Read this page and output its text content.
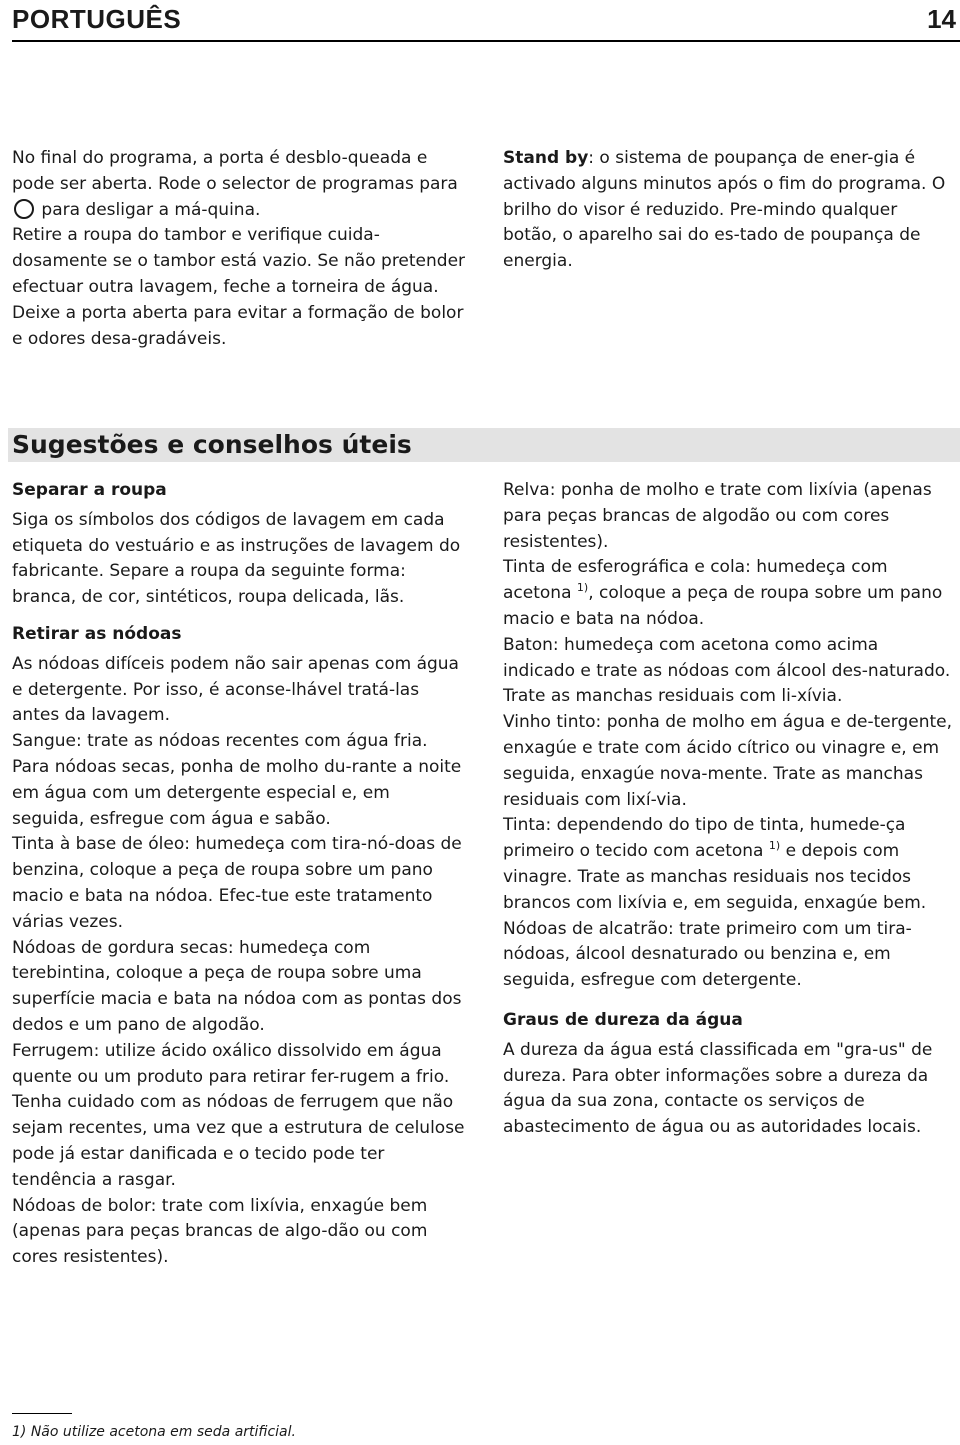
PORTUGUÊS	14

No final do programa, a porta é desblo-queada e pode ser aberta. Rode o selector de programas para  para desligar a má-quina.

Retire a roupa do tambor e verifique cuida-dosamente se o tambor está vazio. Se não pretender efectuar outra lavagem, feche a torneira de água. Deixe a porta aberta para evitar a formação de bolor e odores desa-gradáveis.

Stand by: o sistema de poupança de ener-gia é activado alguns minutos após o fim do programa. O brilho do visor é reduzido. Pre-mindo qualquer botão, o aparelho sai do es-tado de poupança de energia.

Sugestões e conselhos úteis

Separar a roupa

Siga os símbolos dos códigos de lavagem em cada etiqueta do vestuário e as instruções de lavagem do fabricante. Separe a roupa da seguinte forma: branca, de cor, sintéticos, roupa delicada, lãs.

Retirar as nódoas

As nódoas difíceis podem não sair apenas com água e detergente. Por isso, é aconse-lhável tratá-las antes da lavagem.

Sangue: trate as nódoas recentes com água fria. Para nódoas secas, ponha de molho du-rante a noite em água com um detergente especial e, em seguida, esfregue com água e sabão.

Tinta à base de óleo: humedeça com tira-nó-doas de benzina, coloque a peça de roupa sobre um pano macio e bata na nódoa. Efec-tue este tratamento várias vezes.

Nódoas de gordura secas: humedeça com terebintina, coloque a peça de roupa sobre uma superfície macia e bata na nódoa com as pontas dos dedos e um pano de algodão.

Ferrugem: utilize ácido oxálico dissolvido em água quente ou um produto para retirar fer-rugem a frio. Tenha cuidado com as nódoas de ferrugem que não sejam recentes, uma vez que a estrutura de celulose pode já estar danificada e o tecido pode ter tendência a rasgar.

Nódoas de bolor: trate com lixívia, enxagúe bem (apenas para peças brancas de algo-dão ou com cores resistentes).

Relva: ponha de molho e trate com lixívia (apenas para peças brancas de algodão ou com cores resistentes).

Tinta de esferográfica e cola: humedeça com acetona $^{1)}$, coloque a peça de roupa sobre um pano macio e bata na nódoa.

Baton: humedeça com acetona como acima indicado e trate as nódoas com álcool des-naturado. Trate as manchas residuais com li-xívia.

Vinho tinto: ponha de molho em água e de-tergente, enxagúe e trate com ácido cítrico ou vinagre e, em seguida, enxagúe nova-mente. Trate as manchas residuais com lixí-via.

Tinta: dependendo do tipo de tinta, humede-ça primeiro o tecido com acetona $^{1)}$ e depois com vinagre. Trate as manchas residuais nos tecidos brancos com lixívia e, em seguida, enxagúe bem.

Nódoas de alcatrão: trate primeiro com um tira-nódoas, álcool desnaturado ou benzina e, em seguida, esfregue com detergente.

Graus de dureza da água

A dureza da água está classificada em "gra-us" de dureza. Para obter informações sobre a dureza da água da sua zona, contacte os serviços de abastecimento de água ou as autoridades locais.

1) Não utilize acetona em seda artificial.
